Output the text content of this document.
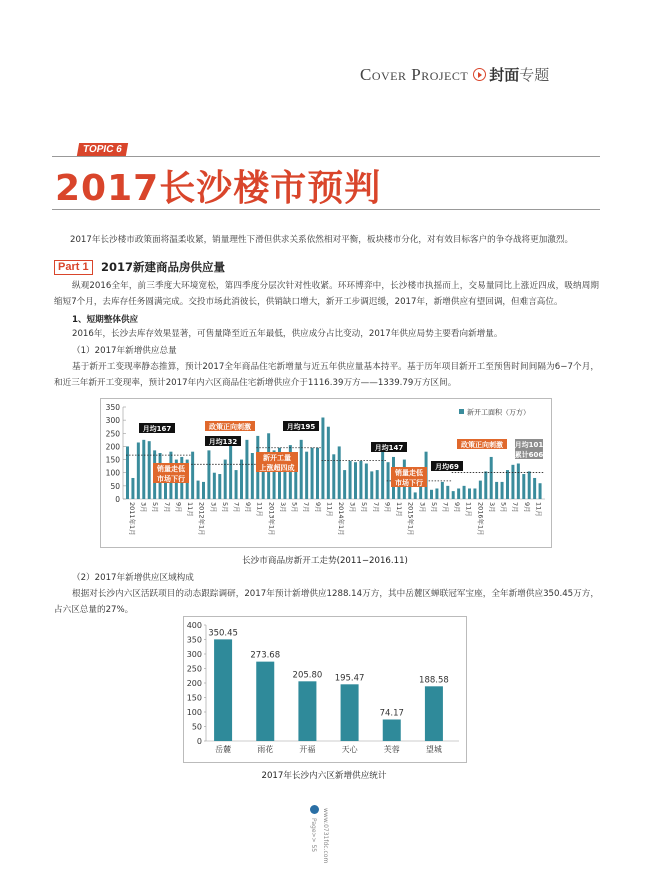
Cover Project 封面专题
TOPIC 6
2017长沙楼市预判
2017年长沙楼市政策面将温柔收紧，销量理性下滑但供求关系依然相对平衡，板块楼市分化，对有效目标客户的争夺战将更加激烈。
Part 1	2017新建商品房供应量
纵观2016全年，前三季度大环境宽松，第四季度分层次针对性收紧。环环博弈中，长沙楼市执摇而上，交易量同比上涨近四成，吸纳周期缩短7个月，去库存任务圆满完成。交投市场此消彼长，供销缺口增大，新开工步调迟缓，2017年，新增供应有望回调，但难言高位。
1、短期整体供应
2016年，长沙去库存效果显著，可售量降至近五年最低，供应成分占比变动，2017年供应局势主要看向新增量。
（1）2017年新增供应总量
基于新开工变现率静态推算，预计2017全年商品住宅新增量与近五年供应量基本持平。基于历年项目新开工至预售时间间隔为6−7个月，和近三年新开工变现率，预计2017年内六区商品住宅新增供应介于1116.39万方——1339.79万方区间。
0
50
100
150
200
250
300
350
2011年1月 3月 5月 7月 9月 11月 2012年1月 3月 5月 7月 9月 11月 2013年1月 3月 5月 7月 9月 11月 2014年1月 3月 5月 7月 9月 11月 2015年1月 3月 5月 7月 9月 11月 2016年1月 3月 5月 7月 9月 11月
新开工面积（万方）
月均167
月均132
月均195
月均147
月均69
月均101
累计606
政策正向刺激
政策正向刺激
销量走低
市场下行
新开工量
上涨超四成
销量走低
市场下行
长沙市商品房新开工走势(2011−2016.11)
（2）2017年新增供应区域构成
根据对长沙内六区活跃项目的动态跟踪调研，2017年预计新增供应1288.14万方，其中岳麓区蝉联冠军宝座，全年新增供应350.45万方，占六区总量的27%。
0
50
100
150
200
250
300
350
400
350.45
岳麓
273.68
雨花
205.80
开福
195.47
天心
74.17
芙蓉
188.58
望城
2017年长沙内六区新增供应统计
Page>> 55 www.0731fdc.com
